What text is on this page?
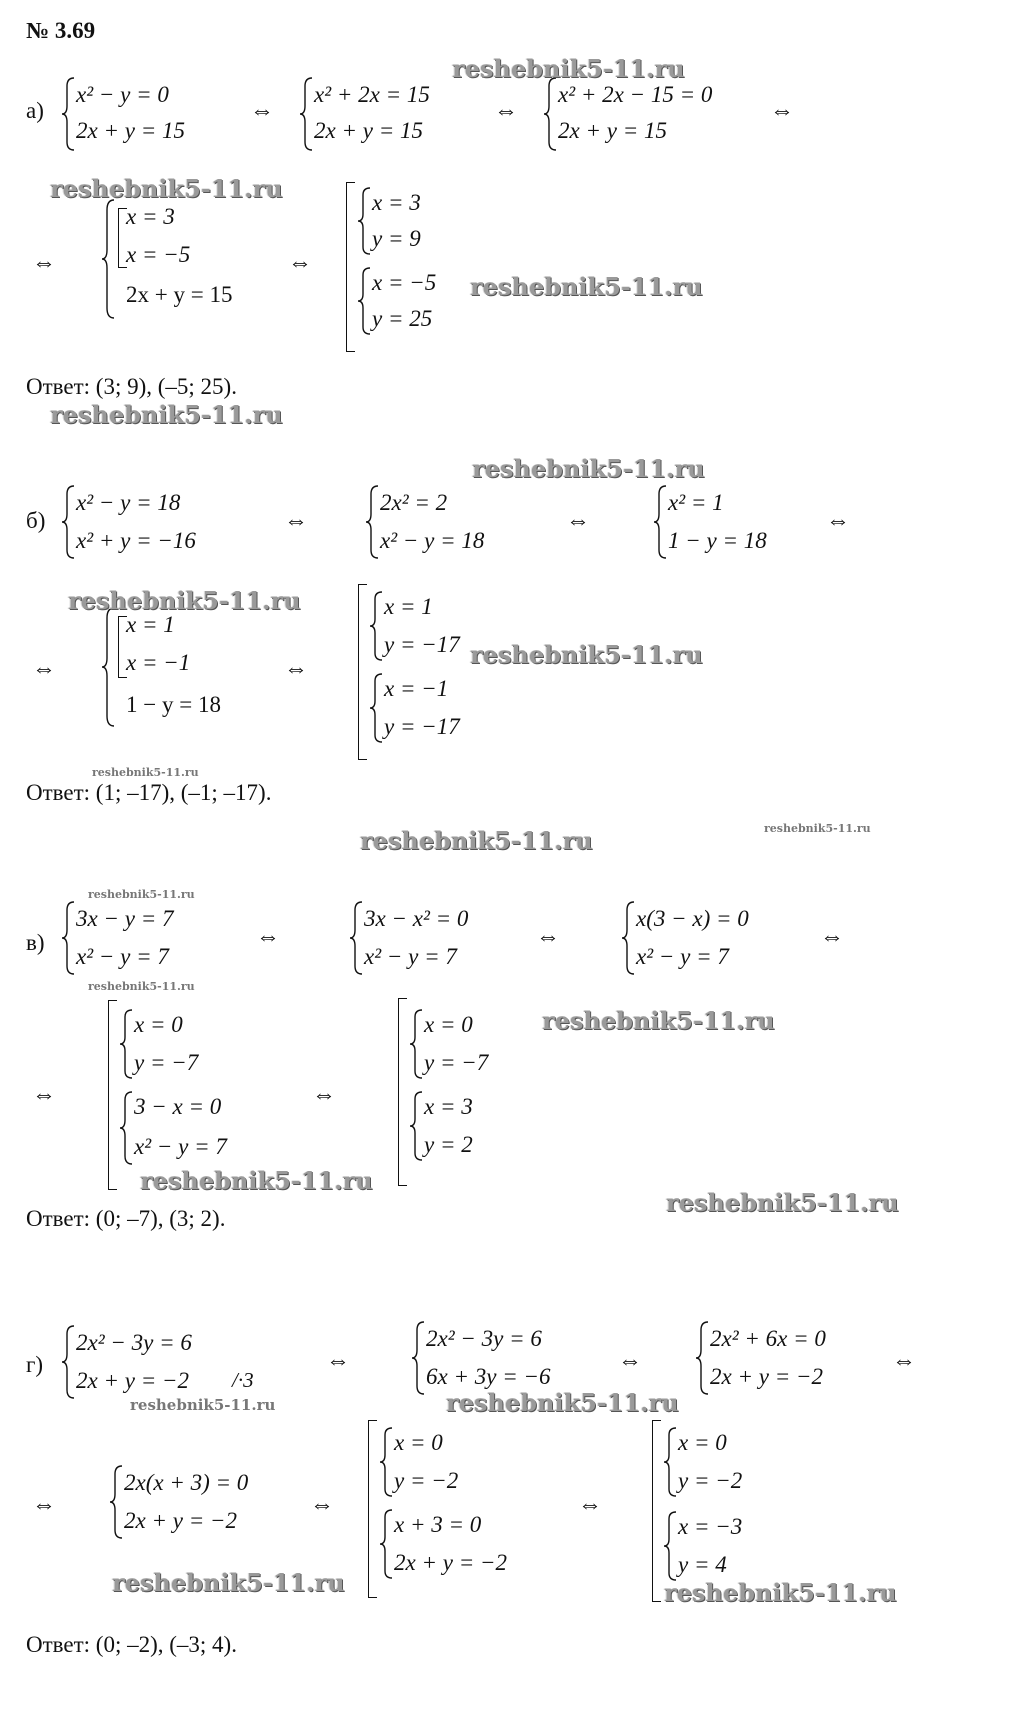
№ 3.69
а)
x² − y = 0
2x + y = 15
⇔
x² + 2x = 15
2x + y = 15
⇔
x² + 2x − 15 = 0
2x + y = 15
⇔
⇔
x = 3
x = −5
2x + y = 15
⇔
x = 3
y = 9
x = −5
y = 25
Ответ: (3; 9), (–5; 25).
б)
x² − y = 18
x² + y = −16
⇔
2x² = 2
x² − y = 18
⇔
x² = 1
1 − y = 18
⇔
⇔
x = 1
x = −1
1 − y = 18
⇔
x = 1
y = −17
x = −1
y = −17
Ответ: (1; –17), (–1; –17).
в)
3x − y = 7
x² − y = 7
⇔
3x − x² = 0
x² − y = 7
⇔
x(3 − x) = 0
x² − y = 7
⇔
⇔
x = 0
y = −7
3 − x = 0
x² − y = 7
⇔
x = 0
y = −7
x = 3
y = 2
Ответ: (0; –7), (3; 2).
г)
2x² − 3y = 6
2x + y = −2 /·3
⇔
2x² − 3y = 6
6x + 3y = −6
⇔
2x² + 6x = 0
2x + y = −2
⇔
⇔
2x(x + 3) = 0
2x + y = −2
⇔
x = 0
y = −2
x + 3 = 0
2x + y = −2
⇔
x = 0
y = −2
x = −3
y = 4
Ответ: (0; –2), (–3; 4).
reshebnik5-11.ru
reshebnik5-11.ru
reshebnik5-11.ru
reshebnik5-11.ru
reshebnik5-11.ru
reshebnik5-11.ru
reshebnik5-11.ru
reshebnik5-11.ru
reshebnik5-11.ru	reshebnik5-11.ru
reshebnik5-11.ru
reshebnik5-11.ru
reshebnik5-11.ru
reshebnik5-11.ru
reshebnik5-11.ru
reshebnik5-11.ru	reshebnik5-11.ru
reshebnik5-11.ru	reshebnik5-11.ru
